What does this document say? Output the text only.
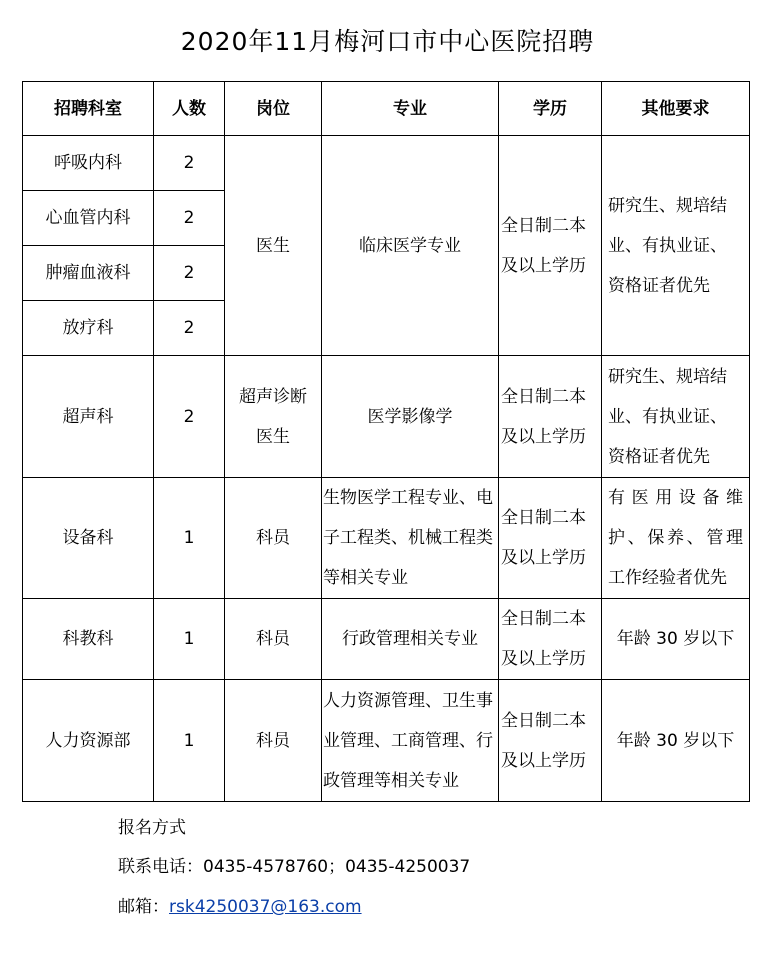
2020年11月梅河口市中心医院招聘
招聘科室	人数	岗位	专业	学历	其他要求
呼吸内科	2	医生	临床医学专业	全日制二本及以上学历	研究生、规培结业、有执业证、资格证者优先

心血管内科	2				
肿瘤血液科	2				
放疗科	2				
超声科	2	超声诊断医生	医学影像学	全日制二本及以上学历	研究生、规培结业、有执业证、资格证者优先

设备科	1	科员	生物医学工程专业、电子工程类、机械工程类等相关专业	全日制二本及以上学历	有医用设备维护、保养、管理工作经验者优先

科教科	1	科员	行政管理相关专业	全日制二本及以上学历	年龄 30 岁以下
人力资源部	1	科员	人力资源管理、卫生事业管理、工商管理、行政管理等相关专业	全日制二本及以上学历	年龄 30 岁以下
报名方式
联系电话：0435-4578760；0435-4250037
邮箱：rsk4250037@163.com
